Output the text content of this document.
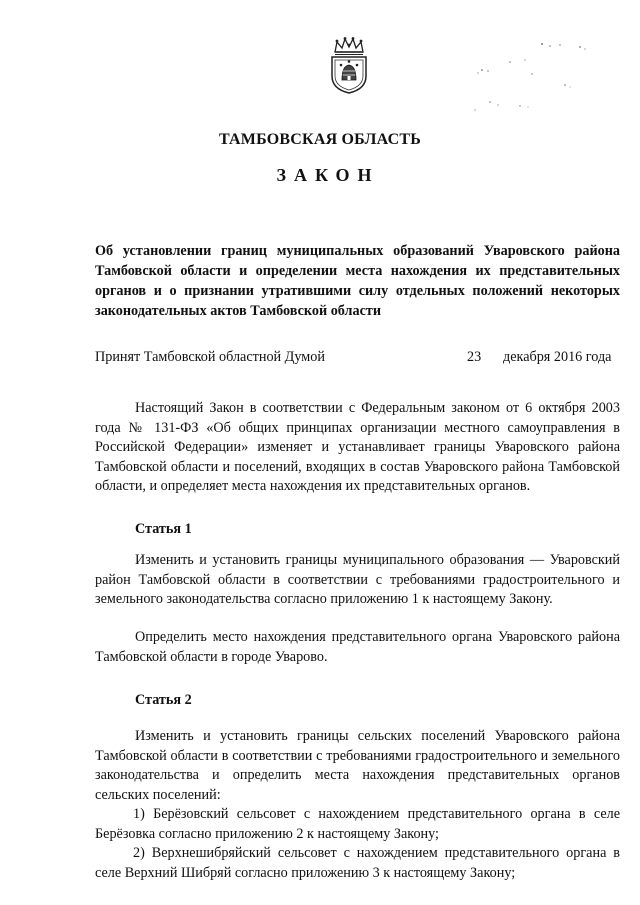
ТАМБОВСКАЯ ОБЛАСТЬ
ЗАКОН
Об установлении границ муниципальных образований Уваровского района Тамбовской области и определении места нахождения их представительных органов и о признании утратившими силу отдельных положений некоторых законодательных актов Тамбовской области
Принят Тамбовской областной Думой	23 декабря 2016 года
Настоящий Закон в соответствии с Федеральным законом от 6 октября 2003 года № 131-ФЗ «Об общих принципах организации местного самоуправления в Российской Федерации» изменяет и устанавливает границы Уваровского района Тамбовской области и поселений, входящих в состав Уваровского района Тамбовской области, и определяет места нахождения их представительных органов.
Статья 1
Изменить и установить границы муниципального образования — Уваровский район Тамбовской области в соответствии с требованиями градостроительного и земельного законодательства согласно приложению 1 к настоящему Закону.
Определить место нахождения представительного органа Уваровского района Тамбовской области в городе Уварово.
Статья 2
Изменить и установить границы сельских поселений Уваровского района Тамбовской области в соответствии с требованиями градостроительного и земельного законодательства и определить места нахождения представительных органов сельских поселений:
1) Берёзовский сельсовет с нахождением представительного органа в селе Берёзовка согласно приложению 2 к настоящему Закону;
2) Верхнешибряйский сельсовет с нахождением представительного органа в селе Верхний Шибряй согласно приложению 3 к настоящему Закону;
